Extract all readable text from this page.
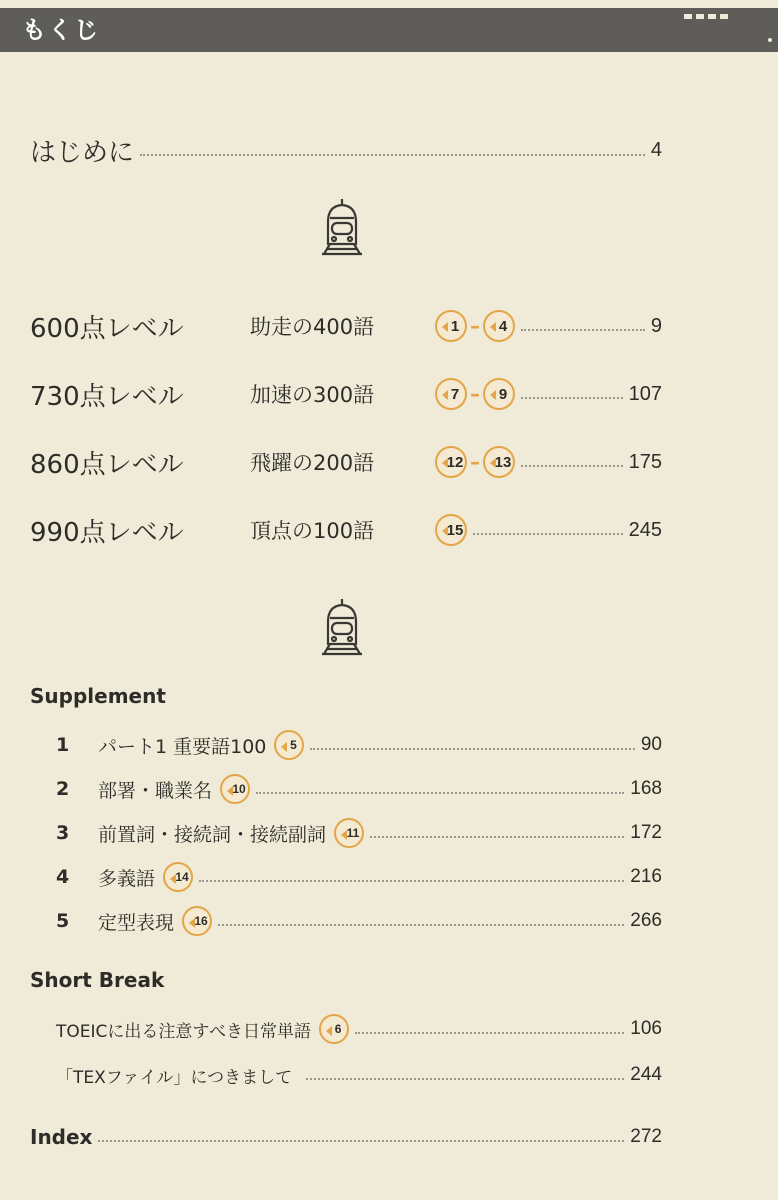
もくじ
はじめに	4
600点レベル	助走の400語	1 –	4	9
730点レベル	加速の300語	7 –	9	107
860点レベル	飛躍の200語	12 – 13	175
990点レベル	頂点の100語	15	245
Supplement
1	パート1 重要語100	5	90
2	部署・職業名	10	168
3	前置詞・接続詞・接続副詞	11	172
4	多義語	14	216
5	定型表現	16	266
Short Break
TOEICに出る注意すべき日常単語	6	106
「TEXファイル」につきまして	244
Index	272
